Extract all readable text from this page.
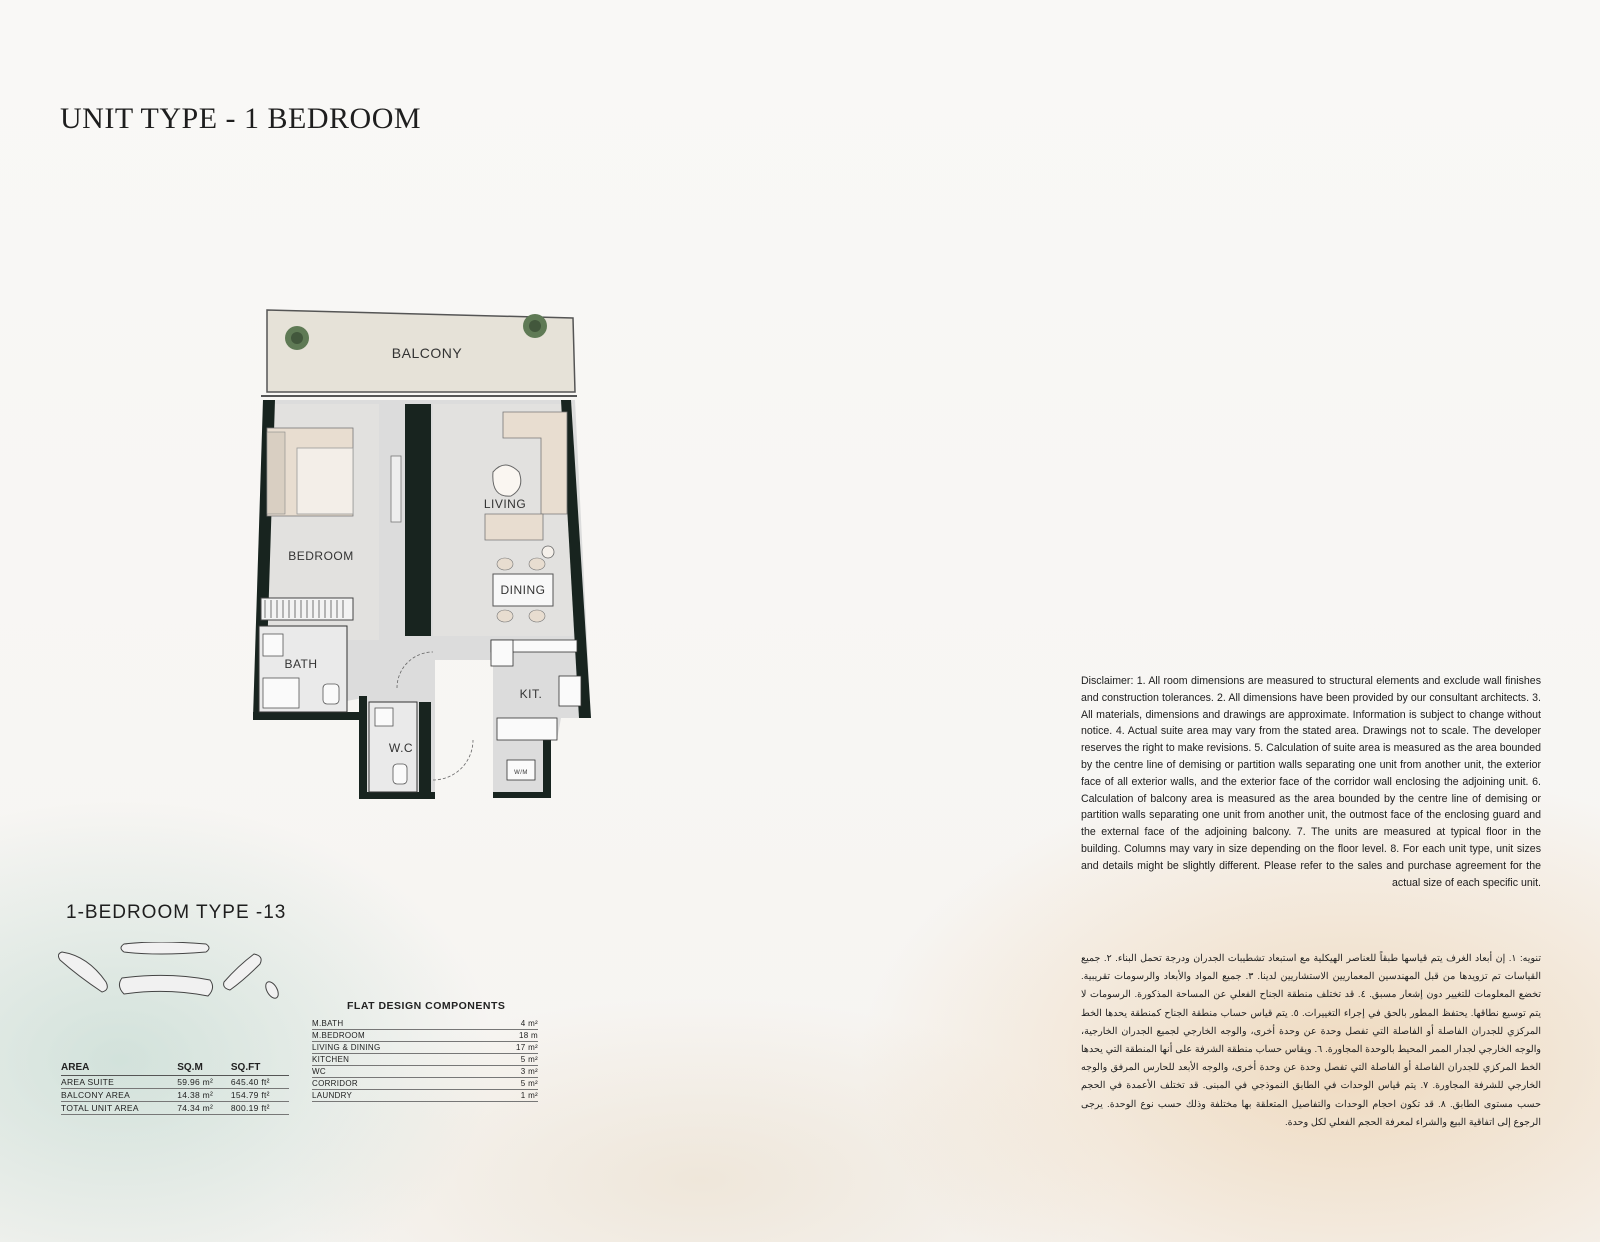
UNIT TYPE - 1 BEDROOM
BALCONY
BEDROOM
LIVING
DINING
BATH
KIT.
W.C
W/M
1-BEDROOM TYPE -13
AREA	SQ.M	SQ.FT
AREA SUITE	59.96 m²	645.40 ft²
BALCONY AREA	14.38 m²	154.79 ft²
TOTAL UNIT AREA	74.34 m²	800.19 ft²
FLAT DESIGN COMPONENTS
M.BATH	4 m²
M.BEDROOM	18 m
LIVING & DINING	17 m²
KITCHEN	5 m²
WC	3 m²
CORRIDOR	5 m²
LAUNDRY	1 m²
Disclaimer: 1. All room dimensions are measured to structural elements and exclude wall finishes and construction tolerances. 2. All dimensions have been provided by our consultant architects. 3. All materials, dimensions and drawings are approximate. Information is subject to change without notice. 4. Actual suite area may vary from the stated area. Drawings not to scale. The developer reserves the right to make revisions. 5. Calculation of suite area is measured as the area bounded by the centre line of demising or partition walls separating one unit from another unit, the exterior face of all exterior walls, and the exterior face of the corridor wall enclosing the adjoining unit. 6. Calculation of balcony area is measured as the area bounded by the centre line of demising or partition walls separating one unit from another unit, the outmost face of the enclosing guard and the external face of the adjoining balcony. 7. The units are measured at typical floor in the building. Columns may vary in size depending on the floor level. 8. For each unit type, unit sizes and details might be slightly different. Please refer to the sales and purchase agreement for the actual size of each specific unit.
تنويه: ١. إن أبعاد الغرف يتم قياسها طبقاً للعناصر الهيكلية مع استبعاد تشطيبات الجدران ودرجة تحمل البناء. ٢. جميع القياسات تم تزويدها من قبل المهندسين المعماريين الاستشاريين لدينا. ٣. جميع المواد والأبعاد والرسومات تقريبية. تخضع المعلومات للتغيير دون إشعار مسبق. ٤. قد تختلف منطقة الجناح الفعلي عن المساحة المذكورة. الرسومات لا يتم توسيع نطاقها. يحتفظ المطور بالحق في إجراء التغييرات. ٥. يتم قياس حساب منطقة الجناح كمنطقة يحدها الخط المركزي للجدران الفاصلة أو الفاصلة التي تفصل وحدة عن وحدة أخرى، والوجه الخارجي لجميع الجدران الخارجية، والوجه الخارجي لجدار الممر المحيط بالوحدة المجاورة. ٦. ويقاس حساب منطقة الشرفة على أنها المنطقة التي يحدها الخط المركزي للجدران الفاصلة أو الفاصلة التي تفصل وحدة عن وحدة أخرى، والوجه الأبعد للحارس المرفق والوجه الخارجي للشرفة المجاورة. ٧. يتم قياس الوحدات في الطابق النموذجي في المبنى. قد تختلف الأعمدة في الحجم حسب مستوى الطابق. ٨. قد تكون احجام الوحدات والتفاصيل المتعلقة بها مختلفة وذلك حسب نوع الوحدة. يرجى الرجوع إلى اتفاقية البيع والشراء لمعرفة الحجم الفعلي لكل وحدة.
